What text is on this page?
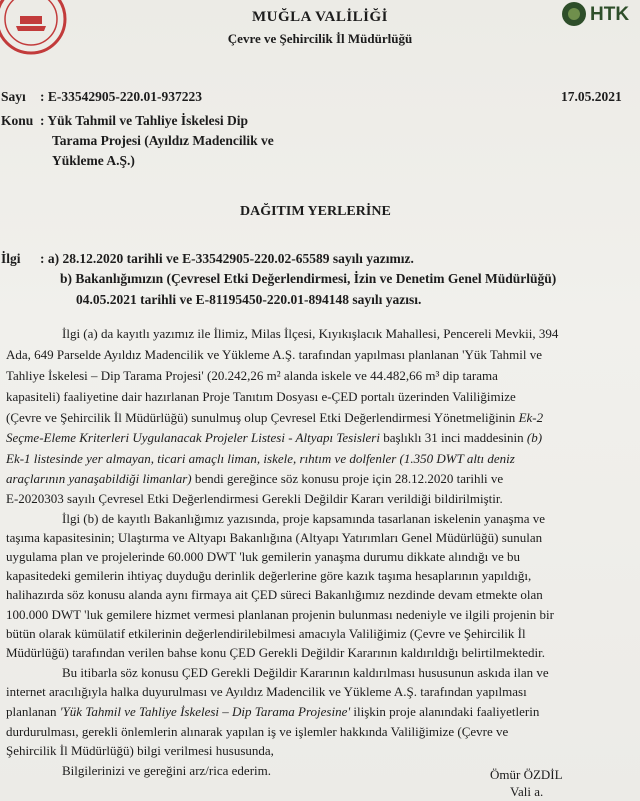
HTK
MUĞLA VALİLİĞİ
Çevre ve Şehircilik İl Müdürlüğü
Sayı : E-33542905-220.01-937223	17.05.2021
Konu : Yük Tahmil ve Tahliye İskelesi Dip
Tarama Projesi (Ayıldız Madencilik ve
Yükleme A.Ş.)
DAĞITIM YERLERİNE
İlgi : a) 28.12.2020 tarihli ve E-33542905-220.02-65589 sayılı yazımız.
b) Bakanlığımızın (Çevresel Etki Değerlendirmesi, İzin ve Denetim Genel Müdürlüğü)
04.05.2021 tarihli ve E-81195450-220.01-894148 sayılı yazısı.
İlgi (a) da kayıtlı yazımız ile İlimiz, Milas İlçesi, Kıyıkışlacık Mahallesi, Pencereli Mevkii, 394
Ada, 649 Parselde Ayıldız Madencilik ve Yükleme A.Ş. tarafından yapılması planlanan 'Yük Tahmil ve
Tahliye İskelesi – Dip Tarama Projesi' (20.242,26 m² alanda iskele ve 44.482,66 m³ dip tarama
kapasiteli) faaliyetine dair hazırlanan Proje Tanıtım Dosyası e-ÇED portalı üzerinden Valiliğimize
(Çevre ve Şehircilik İl Müdürlüğü) sunulmuş olup Çevresel Etki Değerlendirmesi Yönetmeliğinin Ek-2
Seçme-Eleme Kriterleri Uygulanacak Projeler Listesi - Altyapı Tesisleri başlıklı 31 inci maddesinin (b)
Ek-1 listesinde yer almayan, ticari amaçlı liman, iskele, rıhtım ve dolfenler (1.350 DWT altı deniz
araçlarının yanaşabildiği limanlar) bendi gereğince söz konusu proje için 28.12.2020 tarihli ve
E-2020303 sayılı Çevresel Etki Değerlendirmesi Gerekli Değildir Kararı verildiği bildirilmiştir.
İlgi (b) de kayıtlı Bakanlığımız yazısında, proje kapsamında tasarlanan iskelenin yanaşma ve
taşıma kapasitesinin; Ulaştırma ve Altyapı Bakanlığına (Altyapı Yatırımları Genel Müdürlüğü) sunulan
uygulama plan ve projelerinde 60.000 DWT 'luk gemilerin yanaşma durumu dikkate alındığı ve bu
kapasitedeki gemilerin ihtiyaç duyduğu derinlik değerlerine göre kazık taşıma hesaplarının yapıldığı,
halihazırda söz konusu alanda aynı firmaya ait ÇED süreci Bakanlığımız nezdinde devam etmekte olan
100.000 DWT 'luk gemilere hizmet vermesi planlanan projenin bulunması nedeniyle ve ilgili projenin bir
bütün olarak kümülatif etkilerinin değerlendirilebilmesi amacıyla Valiliğimiz (Çevre ve Şehircilik İl
Müdürlüğü) tarafından verilen bahse konu ÇED Gerekli Değildir Kararının kaldırıldığı belirtilmektedir.
Bu itibarla söz konusu ÇED Gerekli Değildir Kararının kaldırılması hususunun askıda ilan ve
internet aracılığıyla halka duyurulması ve Ayıldız Madencilik ve Yükleme A.Ş. tarafından yapılması
planlanan 'Yük Tahmil ve Tahliye İskelesi – Dip Tarama Projesine' ilişkin proje alanındaki faaliyetlerin
durdurulması, gerekli önlemlerin alınarak yapılan iş ve işlemler hakkında Valiliğimize (Çevre ve
Şehircilik İl Müdürlüğü) bilgi verilmesi hususunda,
Bilgilerinizi ve gereğini arz/rica ederim.	Ömür ÖZDİL
Vali a.
